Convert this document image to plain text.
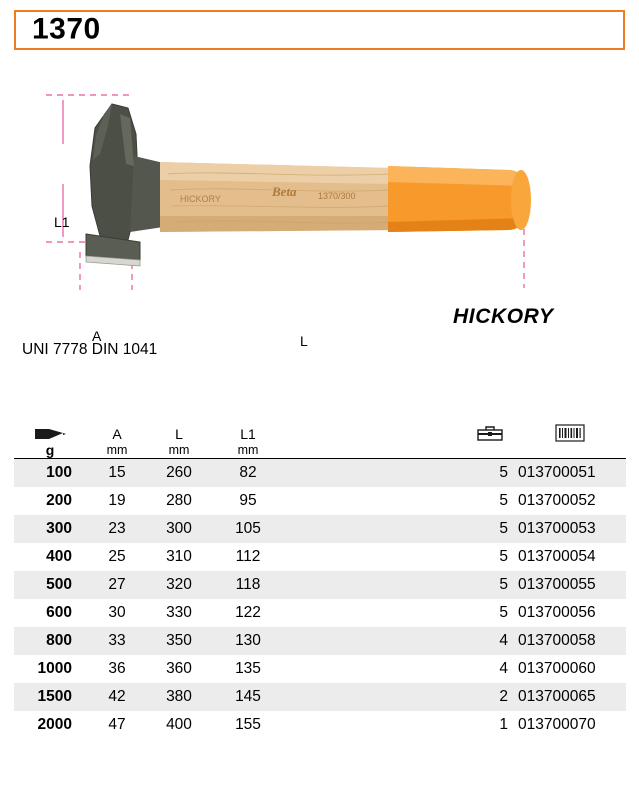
1370
HICKORY	Beta 1370/300
L1
A	L
HICKORY
UNI 7778 DIN 1041
	A	L	L1			
g	mm	mm	mm			
100	15	260	82		5	013700051
200	19	280	95		5	013700052
300	23	300	105		5	013700053
400	25	310	112		5	013700054
500	27	320	118		5	013700055
600	30	330	122		5	013700056
800	33	350	130		4	013700058
1000	36	360	135		4	013700060
1500	42	380	145		2	013700065
2000	47	400	155		1	013700070
